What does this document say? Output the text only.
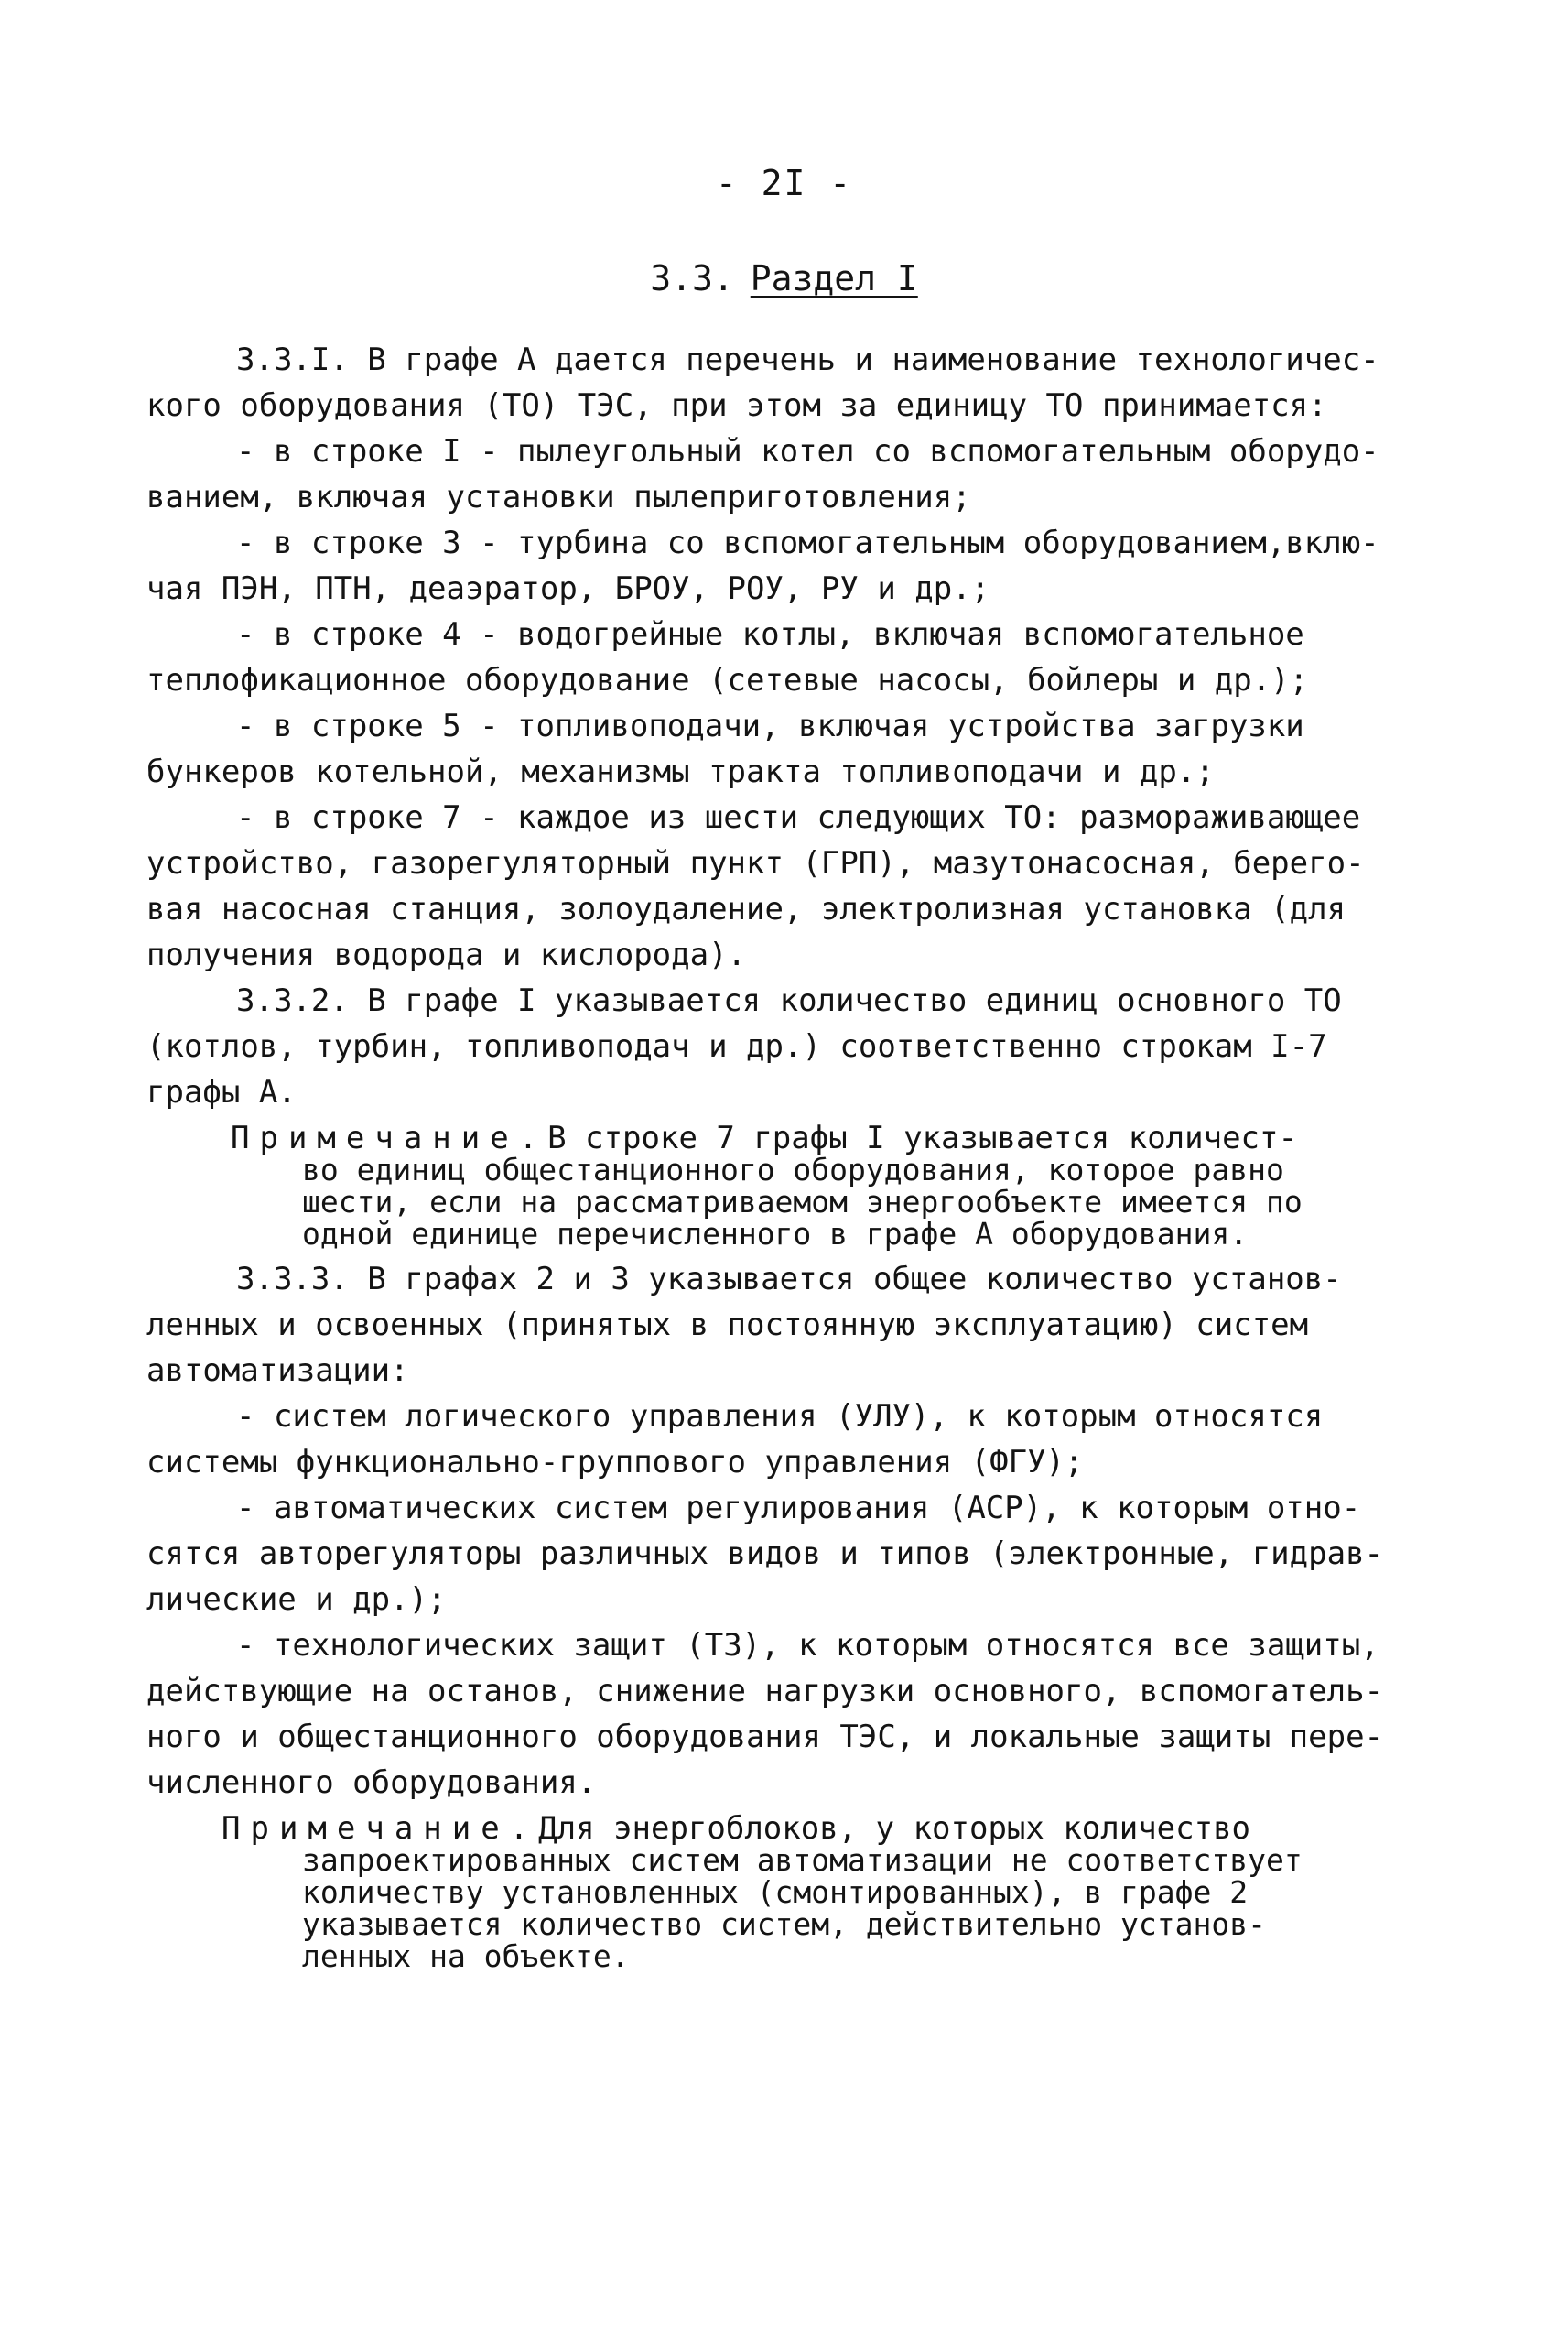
- 2I -
3.3. Раздел I
3.3.I. В графе А дается перечень и наименование технологичес-
кого оборудования (ТО) ТЭС, при этом за единицу ТО принимается:
- в строке I - пылеугольный котел со вспомогательным оборудо-
ванием, включая установки пылеприготовления;
- в строке 3 - турбина со вспомогательным оборудованием,вклю-
чая ПЭН, ПТН, деаэратор, БРОУ, РОУ, РУ и др.;
- в строке 4 - водогрейные котлы, включая вспомогательное
теплофикационное оборудование (сетевые насосы, бойлеры и др.);
- в строке 5 - топливоподачи, включая устройства загрузки
бункеров котельной, механизмы тракта топливоподачи и др.;
- в строке 7 - каждое из шести следующих ТО: размораживающее
устройство, газорегуляторный пункт (ГРП), мазутонасосная, берего-
вая насосная станция, золоудаление, электролизная установка (для
получения водорода и кислорода).
3.3.2. В графе I указывается количество единиц основного ТО
(котлов, турбин, топливоподач и др.) соответственно строкам I-7
графы А.
Примечание.В строке 7 графы I указывается количест-
во единиц общестанционного оборудования, которое равно
шести, если на рассматриваемом энергообъекте имеется по
одной единице перечисленного в графе А оборудования.
3.3.3. В графах 2 и 3 указывается общее количество установ-
ленных и освоенных (принятых в постоянную эксплуатацию) систем
автоматизации:
- систем логического управления (УЛУ), к которым относятся
системы функционально-группового управления (ФГУ);
- автоматических систем регулирования (АСР), к которым отно-
сятся авторегуляторы различных видов и типов (электронные, гидрав-
лические и др.);
- технологических защит (ТЗ), к которым относятся все защиты,
действующие на останов, снижение нагрузки основного, вспомогатель-
ного и общестанционного оборудования ТЭС, и локальные защиты пере-
численного оборудования.
Примечание.Для энергоблоков, у которых количество
запроектированных систем автоматизации не соответствует
количеству установленных (смонтированных), в графе 2
указывается количество систем, действительно установ-
ленных на объекте.
